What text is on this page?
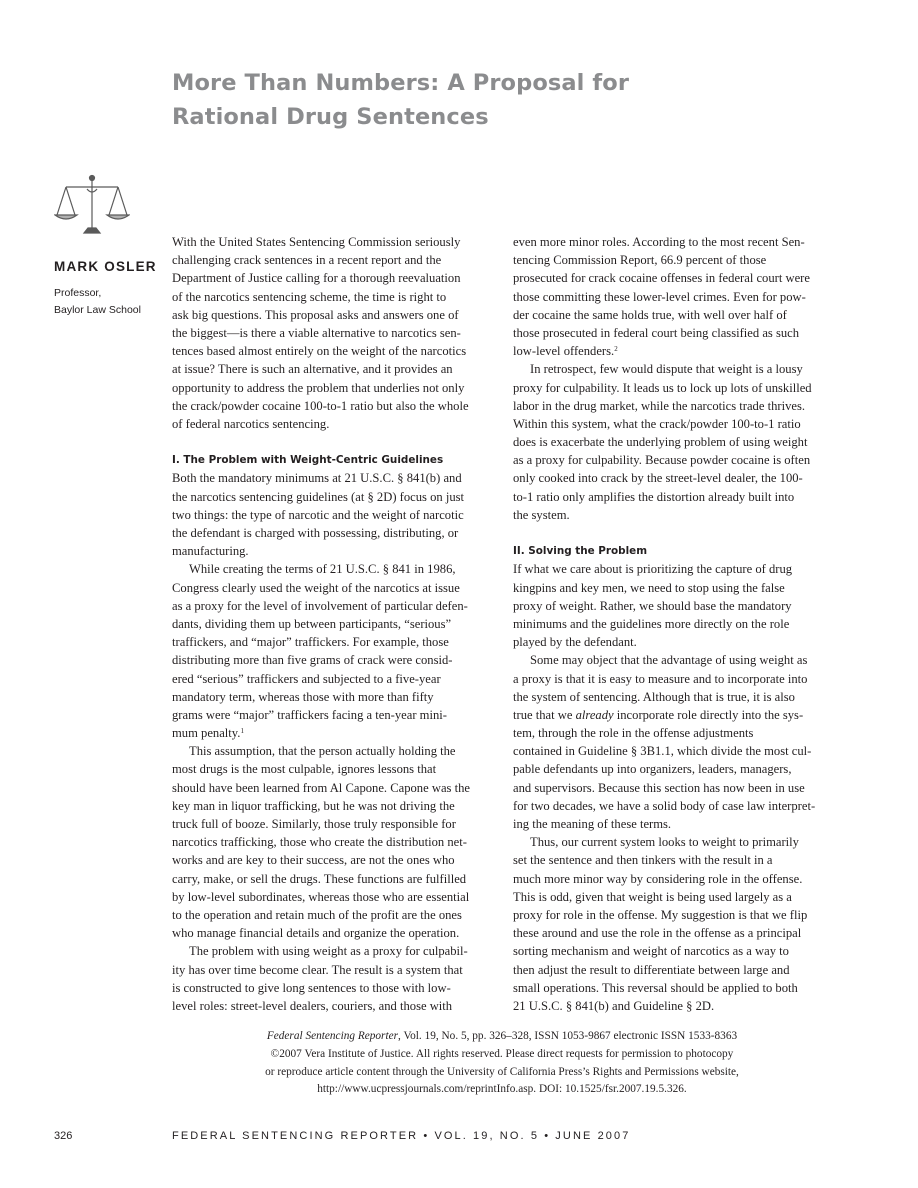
More Than Numbers: A Proposal for
Rational Drug Sentences
MARK OSLER
Professor,
Baylor Law School
With the United States Sentencing Commission seriously
challenging crack sentences in a recent report and the
Department of Justice calling for a thorough reevaluation
of the narcotics sentencing scheme, the time is right to
ask big questions. This proposal asks and answers one of
the biggest—is there a viable alternative to narcotics sen-
tences based almost entirely on the weight of the narcotics
at issue? There is such an alternative, and it provides an
opportunity to address the problem that underlies not only
the crack/powder cocaine 100-to-1 ratio but also the whole
of federal narcotics sentencing.
I. The Problem with Weight-Centric Guidelines
Both the mandatory minimums at 21 U.S.C. § 841(b) and
the narcotics sentencing guidelines (at § 2D) focus on just
two things: the type of narcotic and the weight of narcotic
the defendant is charged with possessing, distributing, or
manufacturing.
While creating the terms of 21 U.S.C. § 841 in 1986,
Congress clearly used the weight of the narcotics at issue
as a proxy for the level of involvement of particular defen-
dants, dividing them up between participants, “serious”
traffickers, and “major” traffickers. For example, those
distributing more than five grams of crack were consid-
ered “serious” traffickers and subjected to a five-year
mandatory term, whereas those with more than fifty
grams were “major” traffickers facing a ten-year mini-
mum penalty.$^1$
This assumption, that the person actually holding the
most drugs is the most culpable, ignores lessons that
should have been learned from Al Capone. Capone was the
key man in liquor trafficking, but he was not driving the
truck full of booze. Similarly, those truly responsible for
narcotics trafficking, those who create the distribution net-
works and are key to their success, are not the ones who
carry, make, or sell the drugs. These functions are fulfilled
by low-level subordinates, whereas those who are essential
to the operation and retain much of the profit are the ones
who manage financial details and organize the operation.
The problem with using weight as a proxy for culpabil-
ity has over time become clear. The result is a system that
is constructed to give long sentences to those with low-
level roles: street-level dealers, couriers, and those with
even more minor roles. According to the most recent Sen-
tencing Commission Report, 66.9 percent of those
prosecuted for crack cocaine offenses in federal court were
those committing these lower-level crimes. Even for pow-
der cocaine the same holds true, with well over half of
those prosecuted in federal court being classified as such
low-level offenders.$^2$
In retrospect, few would dispute that weight is a lousy
proxy for culpability. It leads us to lock up lots of unskilled
labor in the drug market, while the narcotics trade thrives.
Within this system, what the crack/powder 100-to-1 ratio
does is exacerbate the underlying problem of using weight
as a proxy for culpability. Because powder cocaine is often
only cooked into crack by the street-level dealer, the 100-
to-1 ratio only amplifies the distortion already built into
the system.
II. Solving the Problem
If what we care about is prioritizing the capture of drug
kingpins and key men, we need to stop using the false
proxy of weight. Rather, we should base the mandatory
minimums and the guidelines more directly on the role
played by the defendant.
Some may object that the advantage of using weight as
a proxy is that it is easy to measure and to incorporate into
the system of sentencing. Although that is true, it is also
true that we already incorporate role directly into the sys-
tem, through the role in the offense adjustments
contained in Guideline § 3B1.1, which divide the most cul-
pable defendants up into organizers, leaders, managers,
and supervisors. Because this section has now been in use
for two decades, we have a solid body of case law interpret-
ing the meaning of these terms.
Thus, our current system looks to weight to primarily
set the sentence and then tinkers with the result in a
much more minor way by considering role in the offense.
This is odd, given that weight is being used largely as a
proxy for role in the offense. My suggestion is that we flip
these around and use the role in the offense as a principal
sorting mechanism and weight of narcotics as a way to
then adjust the result to differentiate between large and
small operations. This reversal should be applied to both
21 U.S.C. § 841(b) and Guideline § 2D.
Federal Sentencing Reporter, Vol. 19, No. 5, pp. 326–328, ISSN 1053-9867 electronic ISSN 1533-8363
©2007 Vera Institute of Justice. All rights reserved. Please direct requests for permission to photocopy
or reproduce article content through the University of California Press’s Rights and Permissions website,
http://www.ucpressjournals.com/reprintInfo.asp. DOI: 10.1525/fsr.2007.19.5.326.
326	FEDERAL SENTENCING REPORTER • VOL. 19, NO. 5 • JUNE 2007
